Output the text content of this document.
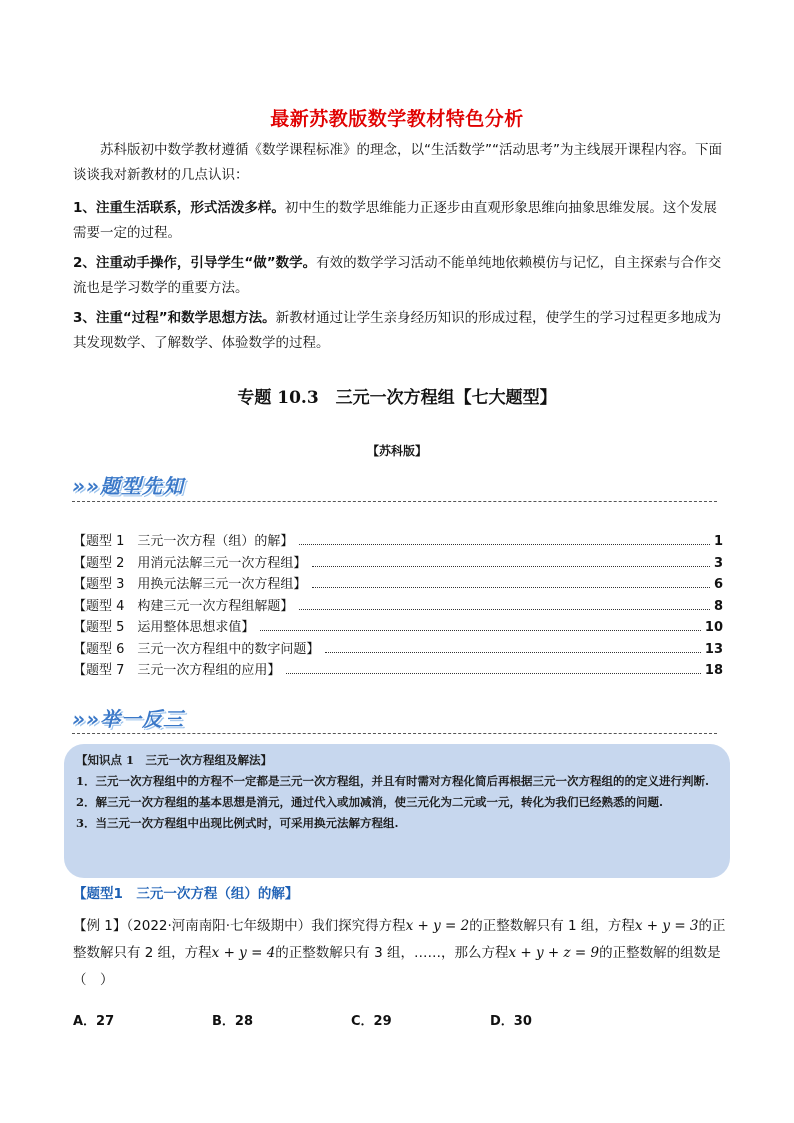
最新苏教版数学教材特色分析
苏科版初中数学教材遵循《数学课程标准》的理念，以“生活数学”“活动思考”为主线展开课程内容。下面谈谈我对新教材的几点认识：
1、注重生活联系，形式活泼多样。初中生的数学思维能力正逐步由直观形象思维向抽象思维发展。这个发展需要一定的过程。
2、注重动手操作，引导学生“做”数学。有效的数学学习活动不能单纯地依赖模仿与记忆，自主探索与合作交流也是学习数学的重要方法。
3、注重“过程”和数学思想方法。新教材通过让学生亲身经历知识的形成过程，使学生的学习过程更多地成为其发现数学、了解数学、体验数学的过程。
专题 10.3　三元一次方程组【七大题型】
【苏科版】
»»题型先知
【题型 1　三元一次方程（组）的解】	1
【题型 2　用消元法解三元一次方程组】	3
【题型 3　用换元法解三元一次方程组】	6
【题型 4　构建三元一次方程组解题】	8
【题型 5　运用整体思想求值】	10
【题型 6　三元一次方程组中的数字问题】	13
【题型 7　三元一次方程组的应用】	18
»»举一反三

【知识点 1　三元一次方程组及解法】

1．三元一次方程组中的方程不一定都是三元一次方程组，并且有时需对方程化简后再根据三元一次方程组的的定义进行判断.

2．解三元一次方程组的基本思想是消元，通过代入或加减消，使三元化为二元或一元，转化为我们已经熟悉的问题.

3．当三元一次方程组中出现比例式时，可采用换元法解方程组.

【题型1　三元一次方程（组）的解】
【例 1】（2022·河南南阳·七年级期中）我们探究得方程x + y = 2的正整数解只有 1 组，方程x + y = 3的正整数解只有 2 组，方程x + y = 4的正整数解只有 3 组，……，那么方程x + y + z = 9的正整数解的组数是
（　）
A．27	B．28	C．29	D．30
